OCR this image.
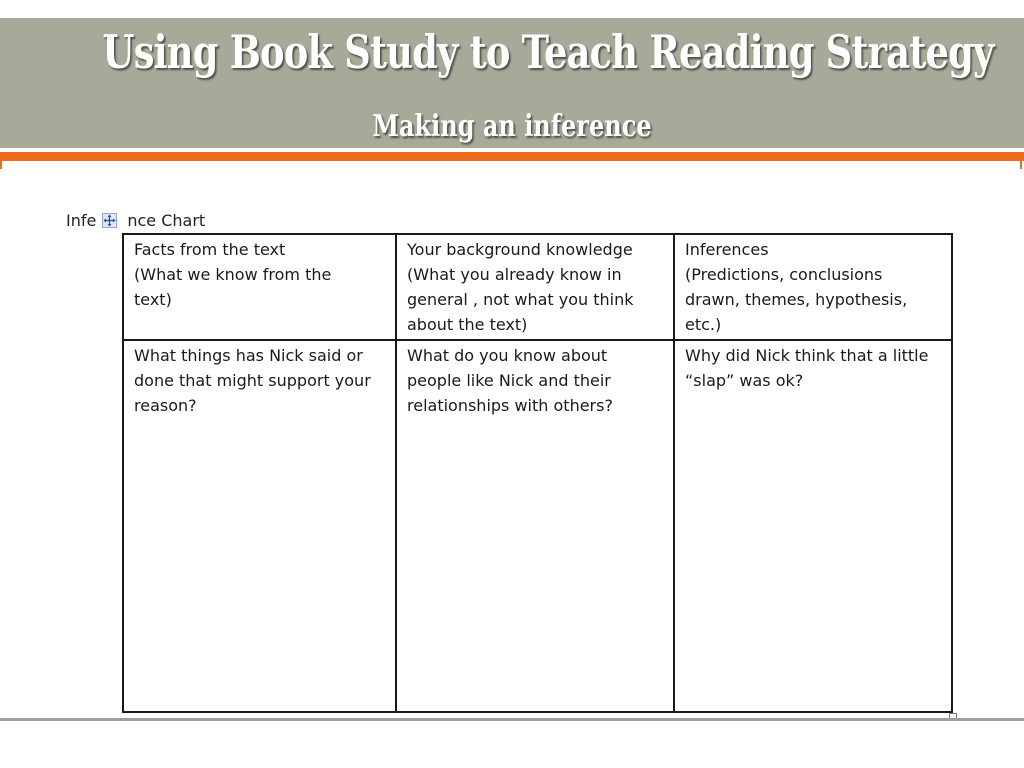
Using Book Study to Teach Reading Strategy
Making an inference
Infe nce Chart
Facts from the text
(What we know from the
text)	Your background knowledge
(What you already know in
general , not what you think
about the text)	Inferences
(Predictions, conclusions
drawn, themes, hypothesis,
etc.)

What things has Nick said or
done that might support your
reason?	What do you know about
people like Nick and their
relationships with others?	Why did Nick think that a little
“slap” was ok?
